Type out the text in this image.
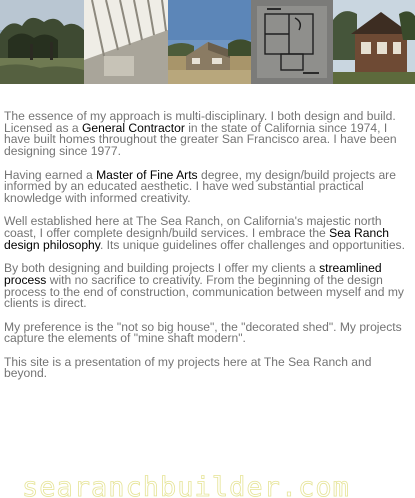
The essence of my approach is multi-disciplinary. I both design and build. Licensed as a General Contractor in the state of California since 1974, I have built homes throughout the greater San Francisco area. I have been designing since 1977.

Having earned a Master of Fine Arts degree, my design/build projects are informed by an educated aesthetic. I have wed substantial practical knowledge with informed creativity.

Well established here at The Sea Ranch, on California's majestic north coast, I offer complete designh/build services. I embrace the Sea Ranch design philosophy. Its unique guidelines offer challenges and opportunities.

By both designing and building projects I offer my clients a streamlined process with no sacrifice to creativity. From the beginning of the design process to the end of construction, communication between myself and my clients is direct.

My preference is the "not so big house", the "decorated shed". My projects capture the elements of "mine shaft modern".

This site is a presentation of my projects here at The Sea Ranch and beyond.

searanchbuilder.com
